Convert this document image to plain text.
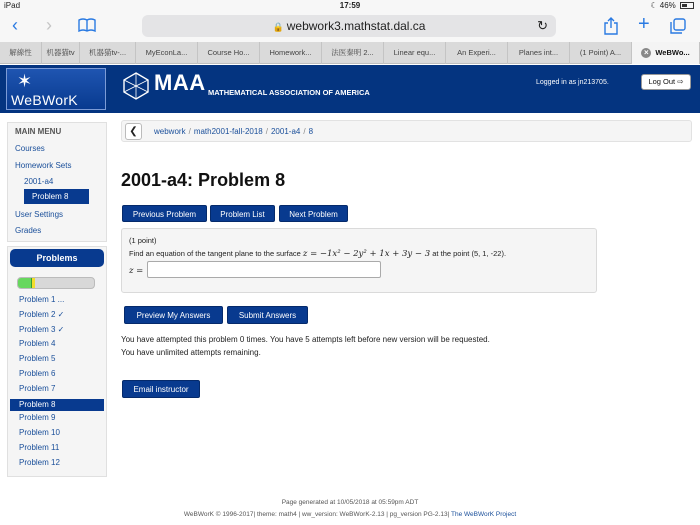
iPad	17:59	☾ 46%
‹ ›	🔒 webwork3.mathstat.dal.ca	↻	+
解線性	机器猫tv	机器猫tv-...	MyEconLa...	Course Ho...	Homework...	法医秦明 2...	Linear equ...	An Experi...	Planes int...	(1 Point) A...	× WeBWo...
✶
WeBWorK
MAA MATHEMATICAL ASSOCIATION OF AMERICA
Logged in as jn213705.	Log Out ⇨
MAIN MENU
Courses
Homework Sets
2001-a4
Problem 8
User Settings
Grades
Problems
Problem 1 ...
Problem 2 ✓
Problem 3 ✓
Problem 4
Problem 5
Problem 6
Problem 7
Problem 8
Problem 9
Problem 10
Problem 11
Problem 12
❮	webwork / math2001-fall-2018 / 2001-a4 / 8
2001-a4: Problem 8
Previous Problem	Problem List	Next Problem
(1 point)
Find an equation of the tangent plane to the surface z = −1x² − 2y² + 1x + 3y − 3 at the point (5, 1, -22).
z =
Preview My Answers	Submit Answers
You have attempted this problem 0 times. You have 5 attempts left before new version will be requested.
You have unlimited attempts remaining.
Email instructor
Page generated at 10/05/2018 at 05:59pm ADT
WeBWorK © 1996-2017| theme: math4 | ww_version: WeBWorK-2.13 | pg_version PG-2.13| The WeBWorK Project
